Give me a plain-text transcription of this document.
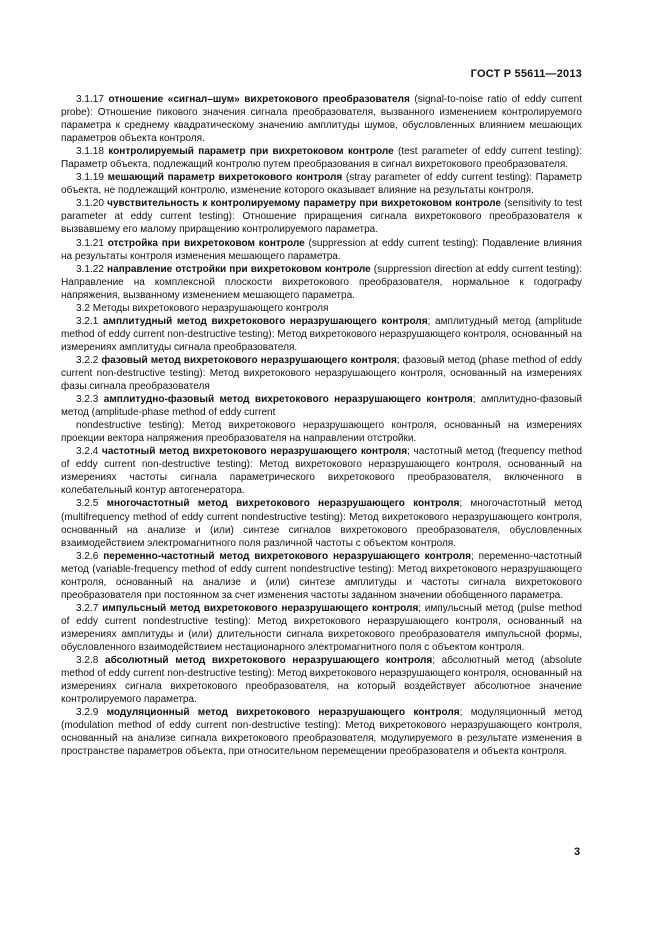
ГОСТ Р 55611—2013

3.1.17 отношение «сигнал–шум» вихретокового преобразователя (signal-to-noise ratio of eddy current probe): Отношение пикового значения сигнала преобразователя, вызванного изменением контролируемого параметра к среднему квадратическому значению амплитуды шумов, обусловленных влиянием мешающих параметров объекта контроля.

3.1.18 контролируемый параметр при вихретоковом контроле (test parameter of eddy current testing): Параметр объекта, подлежащий контролю путем преобразования в сигнал вихретокового преобразователя.

3.1.19 мешающий параметр вихретокового контроля (stray parameter of eddy current testing): Параметр объекта, не подлежащий контролю, изменение которого оказывает влияние на результаты контроля.

3.1.20 чувствительность к контролируемому параметру при вихретоковом контроле (sensitivity to test parameter at eddy current testing): Отношение приращения сигнала вихретокового преобразователя к вызвавшему его малому приращению контролируемого параметра.

3.1.21 отстройка при вихретоковом контроле (suppression at eddy current testing): Подавление влияния на результаты контроля изменения мешающего параметра.

3.1.22 направление отстройки при вихретоковом контроле (suppression direction at eddy current testing): Направление на комплексной плоскости вихретокового преобразователя, нормальное к годографу напряжения, вызванному изменением мешающего параметра.

3.2 Методы вихретокового неразрушающего контроля

3.2.1 амплитудный метод вихретокового неразрушающего контроля; амплитудный метод (amplitude method of eddy current non-destructive testing): Метод вихретокового неразрушающего контроля, основанный на измерениях амплитуды сигнала преобразователя.

3.2.2 фазовый метод вихретокового неразрушающего контроля; фазовый метод (phase method of eddy current non-destructive testing): Метод вихретокового неразрушающего контроля, основанный на измерениях фазы сигнала преобразователя

3.2.3 амплитудно-фазовый метод вихретокового неразрушающего контроля; амплитудно-фазовый метод (amplitude-phase method of eddy current

nondestructive testing): Метод вихретокового неразрушающего контроля, основанный на измерениях проекции вектора напряжения преобразователя на направлении отстройки.

3.2.4 частотный метод вихретокового неразрушающего контроля; частотный метод (frequency method of eddy current non-destructive testing): Метод вихретокового неразрушающего контроля, основанный на измерениях частоты сигнала параметрического вихретокового преобразователя, включенного в колебательный контур автогенератора.

3.2.5 многочастотный метод вихретокового неразрушающего контроля; многочастотный метод (multifrequency method of eddy current nondestructive testing): Метод вихретокового неразрушающего контроля, основанный на анализе и (или) синтезе сигналов вихретокового преобразователя, обусловленных взаимодействием электромагнитного поля различной частоты с объектом контроля.

3.2.6 переменно-частотный метод вихретокового неразрушающего контроля; переменно-частотный метод (variable-frequency method of eddy current nondestructive testing): Метод вихретокового неразрушающего контроля, основанный на анализе и (или) синтезе амплитуды и частоты сигнала вихретокового преобразователя при постоянном за счет изменения частоты заданном значении обобщенного параметра.

3.2.7 импульсный метод вихретокового неразрушающего контроля; импульсный метод (pulse method of eddy current nondestructive testing): Метод вихретокового неразрушающего контроля, основанный на измерениях амплитуды и (или) длительности сигнала вихретокового преобразователя импульсной формы, обусловленного взаимодействием нестационарного электромагнитного поля с объектом контроля.

3.2.8 абсолютный метод вихретокового неразрушающего контроля; абсолютный метод (absolute method of eddy current non-destructive testing): Метод вихретокового неразрушающего контроля, основанный на измерениях сигнала вихретокового преобразователя, на который воздействует абсолютное значение контролируемого параметра.

3.2.9 модуляционный метод вихретокового неразрушающего контроля; модуляционный метод (modulation method of eddy current non-destructive testing): Метод вихретокового неразрушающего контроля, основанный на анализе сигнала вихретокового преобразователя, модулируемого в результате изменения в пространстве параметров объекта, при относительном перемещении преобразователя и объекта контроля.

3
